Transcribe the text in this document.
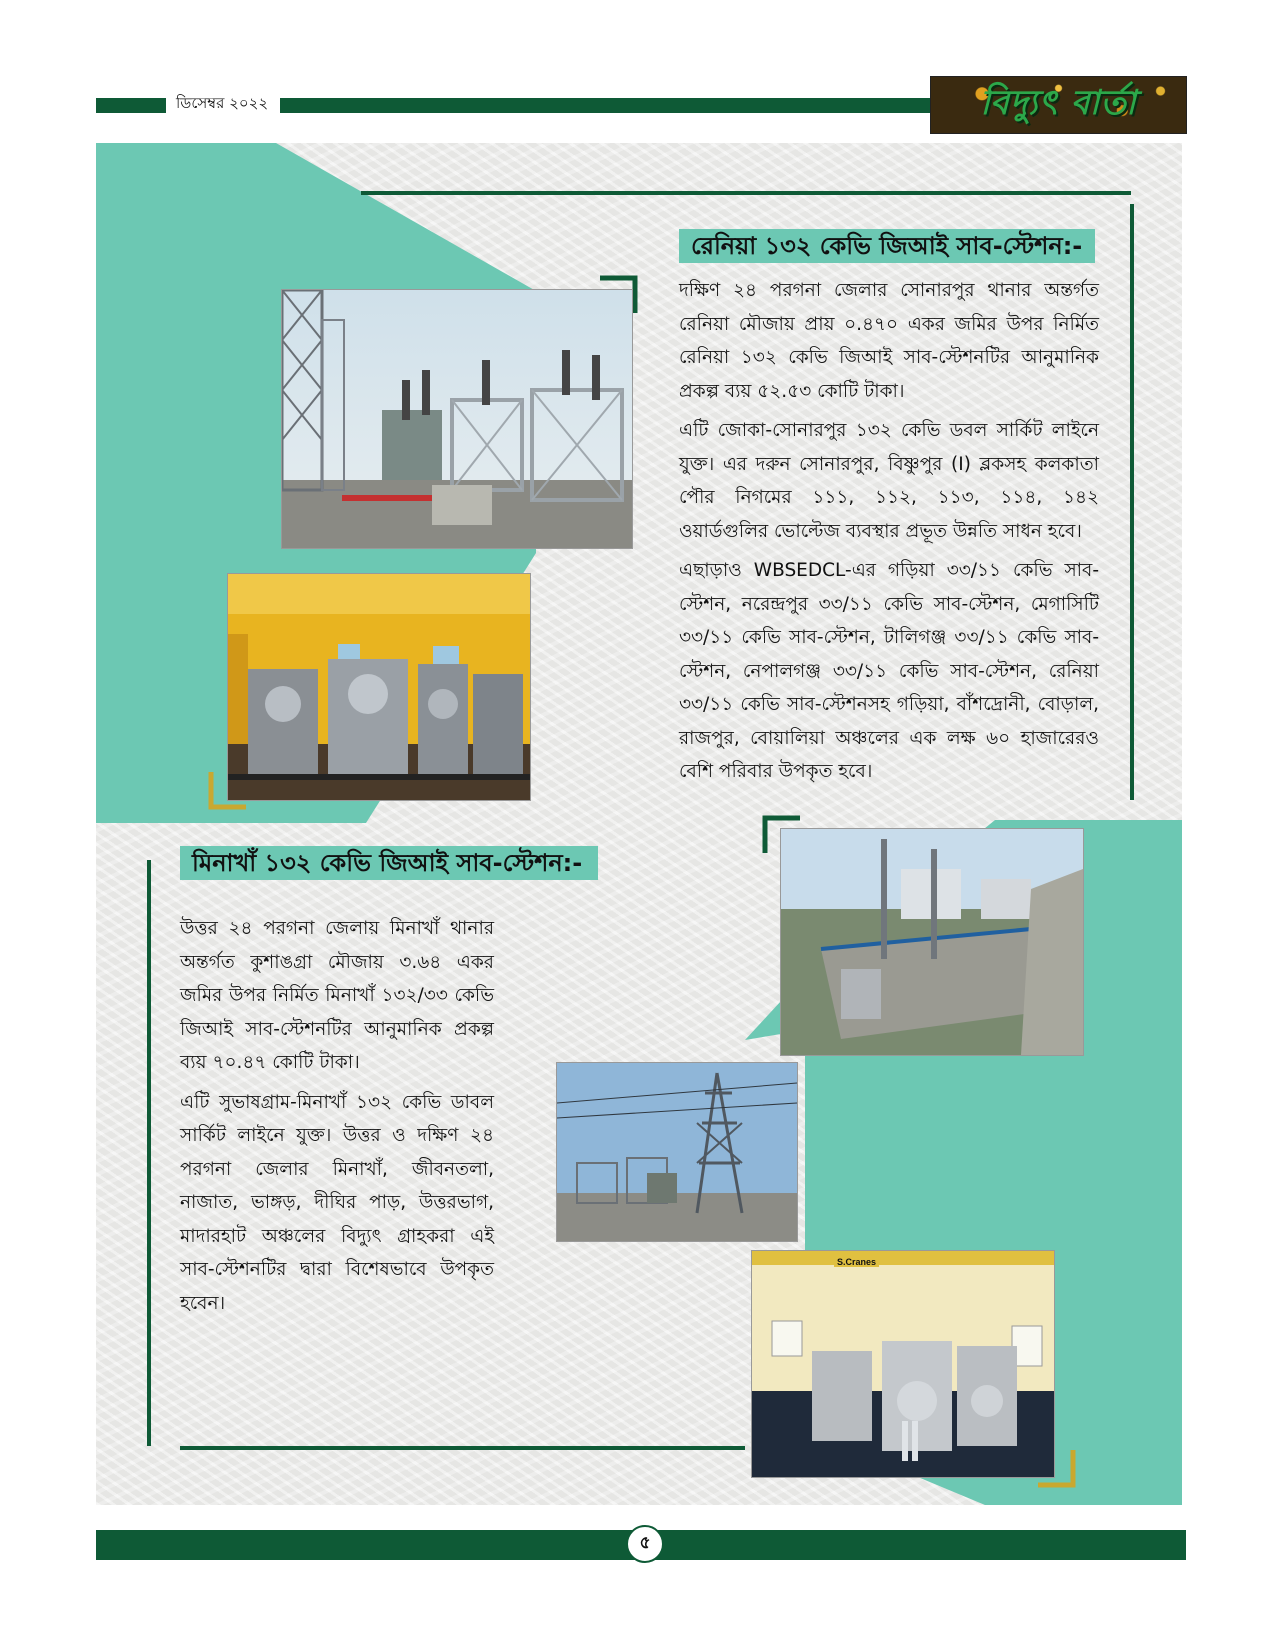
ডিসেম্বর ২০২২	বিদ্যুৎ বার্তা
রেনিয়া ১৩২ কেভি জিআই সাব-স্টেশন:-

দক্ষিণ ২৪ পরগনা জেলার সোনারপুর থানার অন্তর্গত রেনিয়া মৌজায় প্রায় ০.৪৭০ একর জমির উপর নির্মিত রেনিয়া ১৩২ কেভি জিআই সাব-স্টেশনটির আনুমানিক প্রকল্প ব্যয় ৫২.৫৩ কোটি টাকা।

এটি জোকা-সোনারপুর ১৩২ কেভি ডবল সার্কিট লাইনে যুক্ত। এর দরুন সোনারপুর, বিষ্ণুপুর (I) ব্লকসহ কলকাতা পৌর নিগমের ১১১, ১১২, ১১৩, ১১৪, ১৪২ ওয়ার্ডগুলির ভোল্টেজ ব্যবস্থার প্রভূত উন্নতি সাধন হবে।

এছাড়াও WBSEDCL-এর গড়িয়া ৩৩/১১ কেভি সাব-স্টেশন, নরেন্দ্রপুর ৩৩/১১ কেভি সাব-স্টেশন, মেগাসিটি ৩৩/১১ কেভি সাব-স্টেশন, টালিগঞ্জ ৩৩/১১ কেভি সাব-স্টেশন, নেপালগঞ্জ ৩৩/১১ কেভি সাব-স্টেশন, রেনিয়া ৩৩/১১ কেভি সাব-স্টেশনসহ গড়িয়া, বাঁশদ্রোনী, বোড়াল, রাজপুর, বোয়ালিয়া অঞ্চলের এক লক্ষ ৬০ হাজারেরও বেশি পরিবার উপকৃত হবে।

মিনাখাঁ ১৩২ কেভি জিআই সাব-স্টেশন:-

উত্তর ২৪ পরগনা জেলায় মিনাখাঁ থানার অন্তর্গত কুশাঙগ্রা মৌজায় ৩.৬৪ একর জমির উপর নির্মিত মিনাখাঁ ১৩২/৩৩ কেভি জিআই সাব-স্টেশনটির আনুমানিক প্রকল্প ব্যয় ৭০.৪৭ কোটি টাকা।

এটি সুভাষগ্রাম-মিনাখাঁ ১৩২ কেভি ডাবল সার্কিট লাইনে যুক্ত। উত্তর ও দক্ষিণ ২৪ পরগনা জেলার মিনাখাঁ, জীবনতলা, নাজাত, ভাঙ্গড়, দীঘির পাড়, উত্তরভাগ, মাদারহাট অঞ্চলের বিদ্যুৎ গ্রাহকরা এই সাব-স্টেশনটির দ্বারা বিশেষভাবে উপকৃত হবেন।

S.Cranes
৫
